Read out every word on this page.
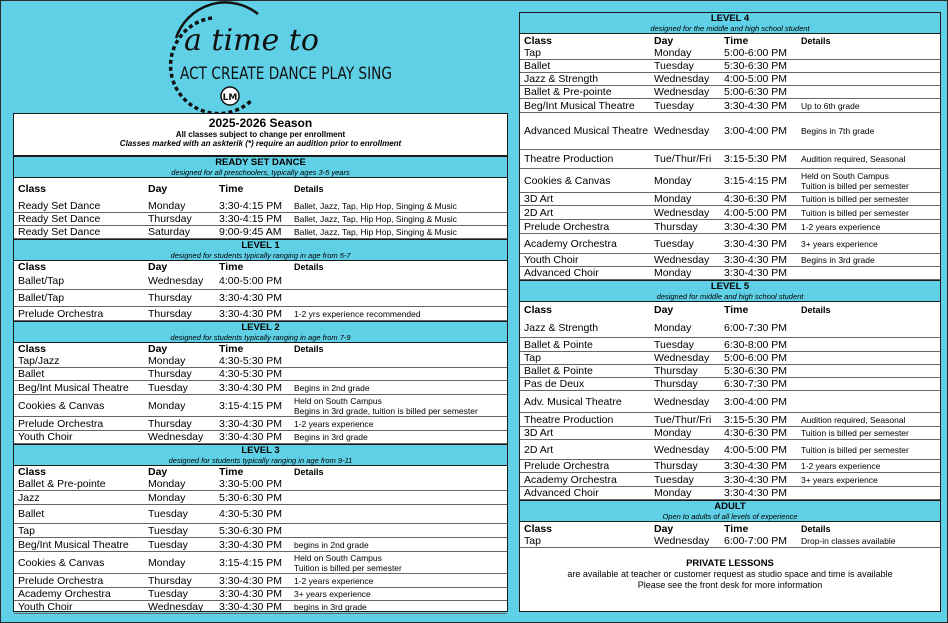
a time to
ACT CREATE DANCE PLAY SING
LM
2025-2026 Season
All classes subject to change per enrollment
Classes marked with an askterik (*) require an audition prior to enrollment
READY SET DANCE
designed for all preschoolers, typically ages 3-5 years
Class	Day	Time	Details
Ready Set Dance	Monday	3:30-4:15 PM	Ballet, Jazz, Tap, Hip Hop, Singing & Music
Ready Set Dance	Thursday	3:30-4:15 PM	Ballet, Jazz, Tap, Hip Hop, Singing & Music
Ready Set Dance	Saturday	9:00-9:45 AM	Ballet, Jazz, Tap, Hip Hop, Singing & Music
LEVEL 1
designed for students typically ranging in age from 5-7
Class	Day	Time	Details
Ballet/Tap	Wednesday	4:00-5:00 PM
Ballet/Tap	Thursday	3:30-4:30 PM
Prelude Orchestra	Thursday	3:30-4:30 PM	1-2 yrs experience recommended
LEVEL 2
designed for students typically ranging in age from 7-9
Class	Day	Time	Details
Tap/Jazz	Monday	4:30-5:30 PM
Ballet	Thursday	4:30-5:30 PM
Beg/Int Musical Theatre	Tuesday	3:30-4:30 PM	Begins in 2nd grade
Cookies & Canvas	Monday	3:15-4:15 PM	Held on South Campus
Begins in 3rd grade, tuition is billed per semester
Prelude Orchestra	Thursday	3:30-4:30 PM	1-2 years experience
Youth Choir	Wednesday	3:30-4:30 PM	Begins in 3rd grade
LEVEL 3
designed for students typically ranging in age from 9-11
Class	Day	Time	Details
Ballet & Pre-pointe	Monday	3:30-5:00 PM
Jazz	Monday	5:30-6:30 PM
Ballet	Tuesday	4:30-5:30 PM
Tap	Tuesday	5:30-6:30 PM
Beg/Int Musical Theatre	Tuesday	3:30-4:30 PM	begins in 2nd grade
Cookies & Canvas	Monday	3:15-4:15 PM	Held on South Campus
Tuition is billed per semester
Prelude Orchestra	Thursday	3:30-4:30 PM	1-2 years experience
Academy Orchestra	Tuesday	3:30-4:30 PM	3+ years experience
Youth Choir	Wednesday	3:30-4:30 PM	begins in 3rd grade
LEVEL 4
designed for the middle and high school student
Class	Day	Time	Details
Tap	Monday	5:00-6:00 PM
Ballet	Tuesday	5:30-6:30 PM
Jazz & Strength	Wednesday	4:00-5:00 PM
Ballet & Pre-pointe	Wednesday	5:00-6:30 PM
Beg/Int Musical Theatre	Tuesday	3:30-4:30 PM	Up to 6th grade
Advanced Musical Theatre Wednesday	3:00-4:00 PM	Begins in 7th grade
Theatre Production	Tue/Thur/Fri	3:15-5:30 PM	Audition required, Seasonal
Cookies & Canvas	Monday	3:15-4:15 PM	Held on South Campus
Tuition is billed per semester
3D Art	Monday	4:30-6:30 PM	Tuition is billed per semester
2D Art	Wednesday	4:00-5:00 PM	Tuition is billed per semester
Prelude Orchestra	Thursday	3:30-4:30 PM	1-2 years experience
Academy Orchestra	Tuesday	3:30-4:30 PM	3+ years experience
Youth Choir	Wednesday	3:30-4:30 PM	Begins in 3rd grade
Advanced Choir	Monday	3:30-4:30 PM
LEVEL 5
designed for middle and high school student
Class	Day	Time	Details
Jazz & Strength	Monday	6:00-7:30 PM
Ballet & Pointe	Tuesday	6:30-8:00 PM
Tap	Wednesday	5:00-6:00 PM
Ballet & Pointe	Thursday	5:30-6:30 PM
Pas de Deux	Thursday	6:30-7:30 PM
Adv. Musical Theatre	Wednesday	3:00-4:00 PM
Theatre Production	Tue/Thur/Fri	3:15-5:30 PM	Audition required, Seasonal
3D Art	Monday	4:30-6:30 PM	Tuition is billed per semester
2D Art	Wednesday	4:00-5:00 PM	Tuition is billed per semester
Prelude Orchestra	Thursday	3:30-4:30 PM	1-2 years experience
Academy Orchestra	Tuesday	3:30-4:30 PM	3+ years experience
Advanced Choir	Monday	3:30-4:30 PM
ADULT
Open to adults of all levels of experience
Class	Day	Time	Details
Tap	Wednesday	6:00-7:00 PM	Drop-in classes available
PRIVATE LESSONS
are available at teacher or customer request as studio space and time is available
Please see the front desk for more information
